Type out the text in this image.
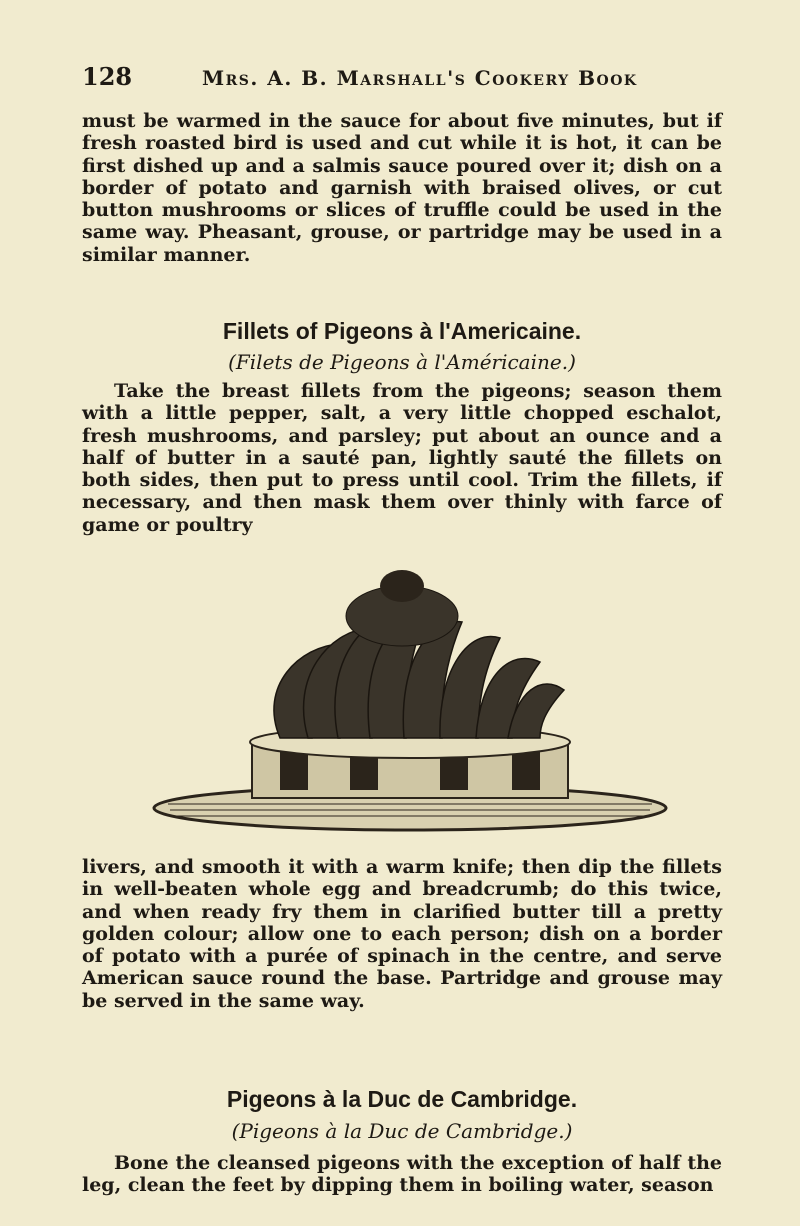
128	Mrs. A. B. Marshall's Cookery Book

must be warmed in the sauce for about five minutes, but if fresh roasted bird is used and cut while it is hot, it can be first dished up and a salmis sauce poured over it; dish on a border of potato and garnish with braised olives, or cut button mushrooms or slices of truffle could be used in the same way. Pheasant, grouse, or partridge may be used in a similar manner.

Fillets of Pigeons à l'Americaine.

(Filets de Pigeons à l'Américaine.)

Take the breast fillets from the pigeons; season them with a little pepper, salt, a very little chopped eschalot, fresh mushrooms, and parsley; put about an ounce and a half of butter in a sauté pan, lightly sauté the fillets on both sides, then put to press until cool. Trim the fillets, if necessary, and then mask them over thinly with farce of game or poultry

livers, and smooth it with a warm knife; then dip the fillets in well-beaten whole egg and breadcrumb; do this twice, and when ready fry them in clarified butter till a pretty golden colour; allow one to each person; dish on a border of potato with a purée of spinach in the centre, and serve American sauce round the base. Partridge and grouse may be served in the same way.

Pigeons à la Duc de Cambridge.

(Pigeons à la Duc de Cambridge.)

Bone the cleansed pigeons with the exception of half the leg, clean the feet by dipping them in boiling water, season
